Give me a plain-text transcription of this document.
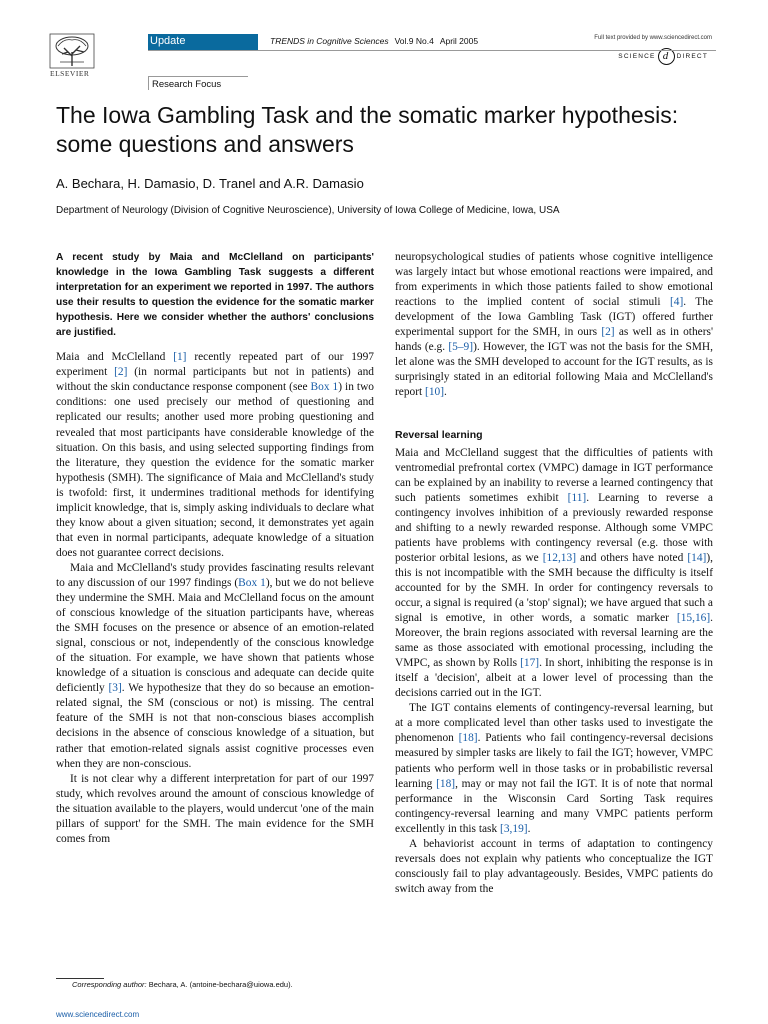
ELSEVIER
Update	TRENDS in Cognitive Sciences Vol.9 No.4 April 2005	Full text provided by www.sciencedirect.com
SCIENCE d	DIRECT
Research Focus
The Iowa Gambling Task and the somatic marker hypothesis: some questions and answers
A. Bechara, H. Damasio, D. Tranel and A.R. Damasio
Department of Neurology (Division of Cognitive Neuroscience), University of Iowa College of Medicine, Iowa, USA

A recent study by Maia and McClelland on participants' knowledge in the Iowa Gambling Task suggests a different interpretation for an experiment we reported in 1997. The authors use their results to question the evidence for the somatic marker hypothesis. Here we consider whether the authors' conclusions are justified.

Maia and McClelland [1] recently repeated part of our 1997 experiment [2] (in normal participants but not in patients) and without the skin conductance response component (see Box 1) in two conditions: one used precisely our method of questioning and replicated our results; another used more probing questioning and revealed that most participants have considerable knowledge of the situation. On this basis, and using selected supporting findings from the literature, they question the evidence for the somatic marker hypothesis (SMH). The significance of Maia and McClelland's study is twofold: first, it undermines traditional methods for identifying implicit knowledge, that is, simply asking individuals to declare what they know about a given situation; second, it demonstrates yet again that even in normal participants, adequate knowledge of a situation does not guarantee correct decisions.

Maia and McClelland's study provides fascinating results relevant to any discussion of our 1997 findings (Box 1), but we do not believe they undermine the SMH. Maia and McClelland focus on the amount of conscious knowledge of the situation participants have, whereas the SMH focuses on the presence or absence of an emotion-related signal, conscious or not, independently of the conscious knowledge of the situation. For example, we have shown that patients whose knowledge of a situation is conscious and adequate can decide quite deficiently [3]. We hypothesize that they do so because an emotion-related signal, the SM (conscious or not) is missing. The central feature of the SMH is not that non-conscious biases accomplish decisions in the absence of conscious knowledge of a situation, but rather that emotion-related signals assist cognitive processes even when they are non-conscious.

It is not clear why a different interpretation for part of our 1997 study, which revolves around the amount of conscious knowledge of the situation available to the players, would undercut 'one of the main pillars of support' for the SMH. The main evidence for the SMH comes from

neuropsychological studies of patients whose cognitive intelligence was largely intact but whose emotional reactions were impaired, and from experiments in which those patients failed to show emotional reactions to the implied content of social stimuli [4]. The development of the Iowa Gambling Task (IGT) offered further experimental support for the SMH, in ours [2] as well as in others' hands (e.g. [5–9]). However, the IGT was not the basis for the SMH, let alone was the SMH developed to account for the IGT results, as is surprisingly stated in an editorial following Maia and McClelland's report [10].

Reversal learning

Maia and McClelland suggest that the difficulties of patients with ventromedial prefrontal cortex (VMPC) damage in IGT performance can be explained by an inability to reverse a learned contingency that such patients sometimes exhibit [11]. Learning to reverse a contingency involves inhibition of a previously rewarded response and shifting to a newly rewarded response. Although some VMPC patients have problems with contingency reversal (e.g. those with posterior orbital lesions, as we [12,13] and others have noted [14]), this is not incompatible with the SMH because the difficulty is itself accounted for by the SMH. In order for contingency reversals to occur, a signal is required (a 'stop' signal); we have argued that such a signal is emotive, in other words, a somatic marker [15,16]. Moreover, the brain regions associated with reversal learning are the same as those associated with emotional processing, including the VMPC, as shown by Rolls [17]. In short, inhibiting the response is in itself a 'decision', albeit at a lower level of processing than the decisions carried out in the IGT.

The IGT contains elements of contingency-reversal learning, but at a more complicated level than other tasks used to investigate the phenomenon [18]. Patients who fail contingency-reversal decisions measured by simpler tasks are likely to fail the IGT; however, VMPC patients who perform well in those tasks or in probabilistic reversal learning [18], may or may not fail the IGT. It is of note that normal performance in the Wisconsin Card Sorting Task requires contingency-reversal learning and many VMPC patients perform excellently in this task [3,19].

A behaviorist account in terms of adaptation to contingency reversals does not explain why patients who conceptualize the IGT consciously fail to play advantageously. Besides, VMPC patients do switch away from the

Corresponding author: Bechara, A. (antoine-bechara@uiowa.edu).
www.sciencedirect.com
